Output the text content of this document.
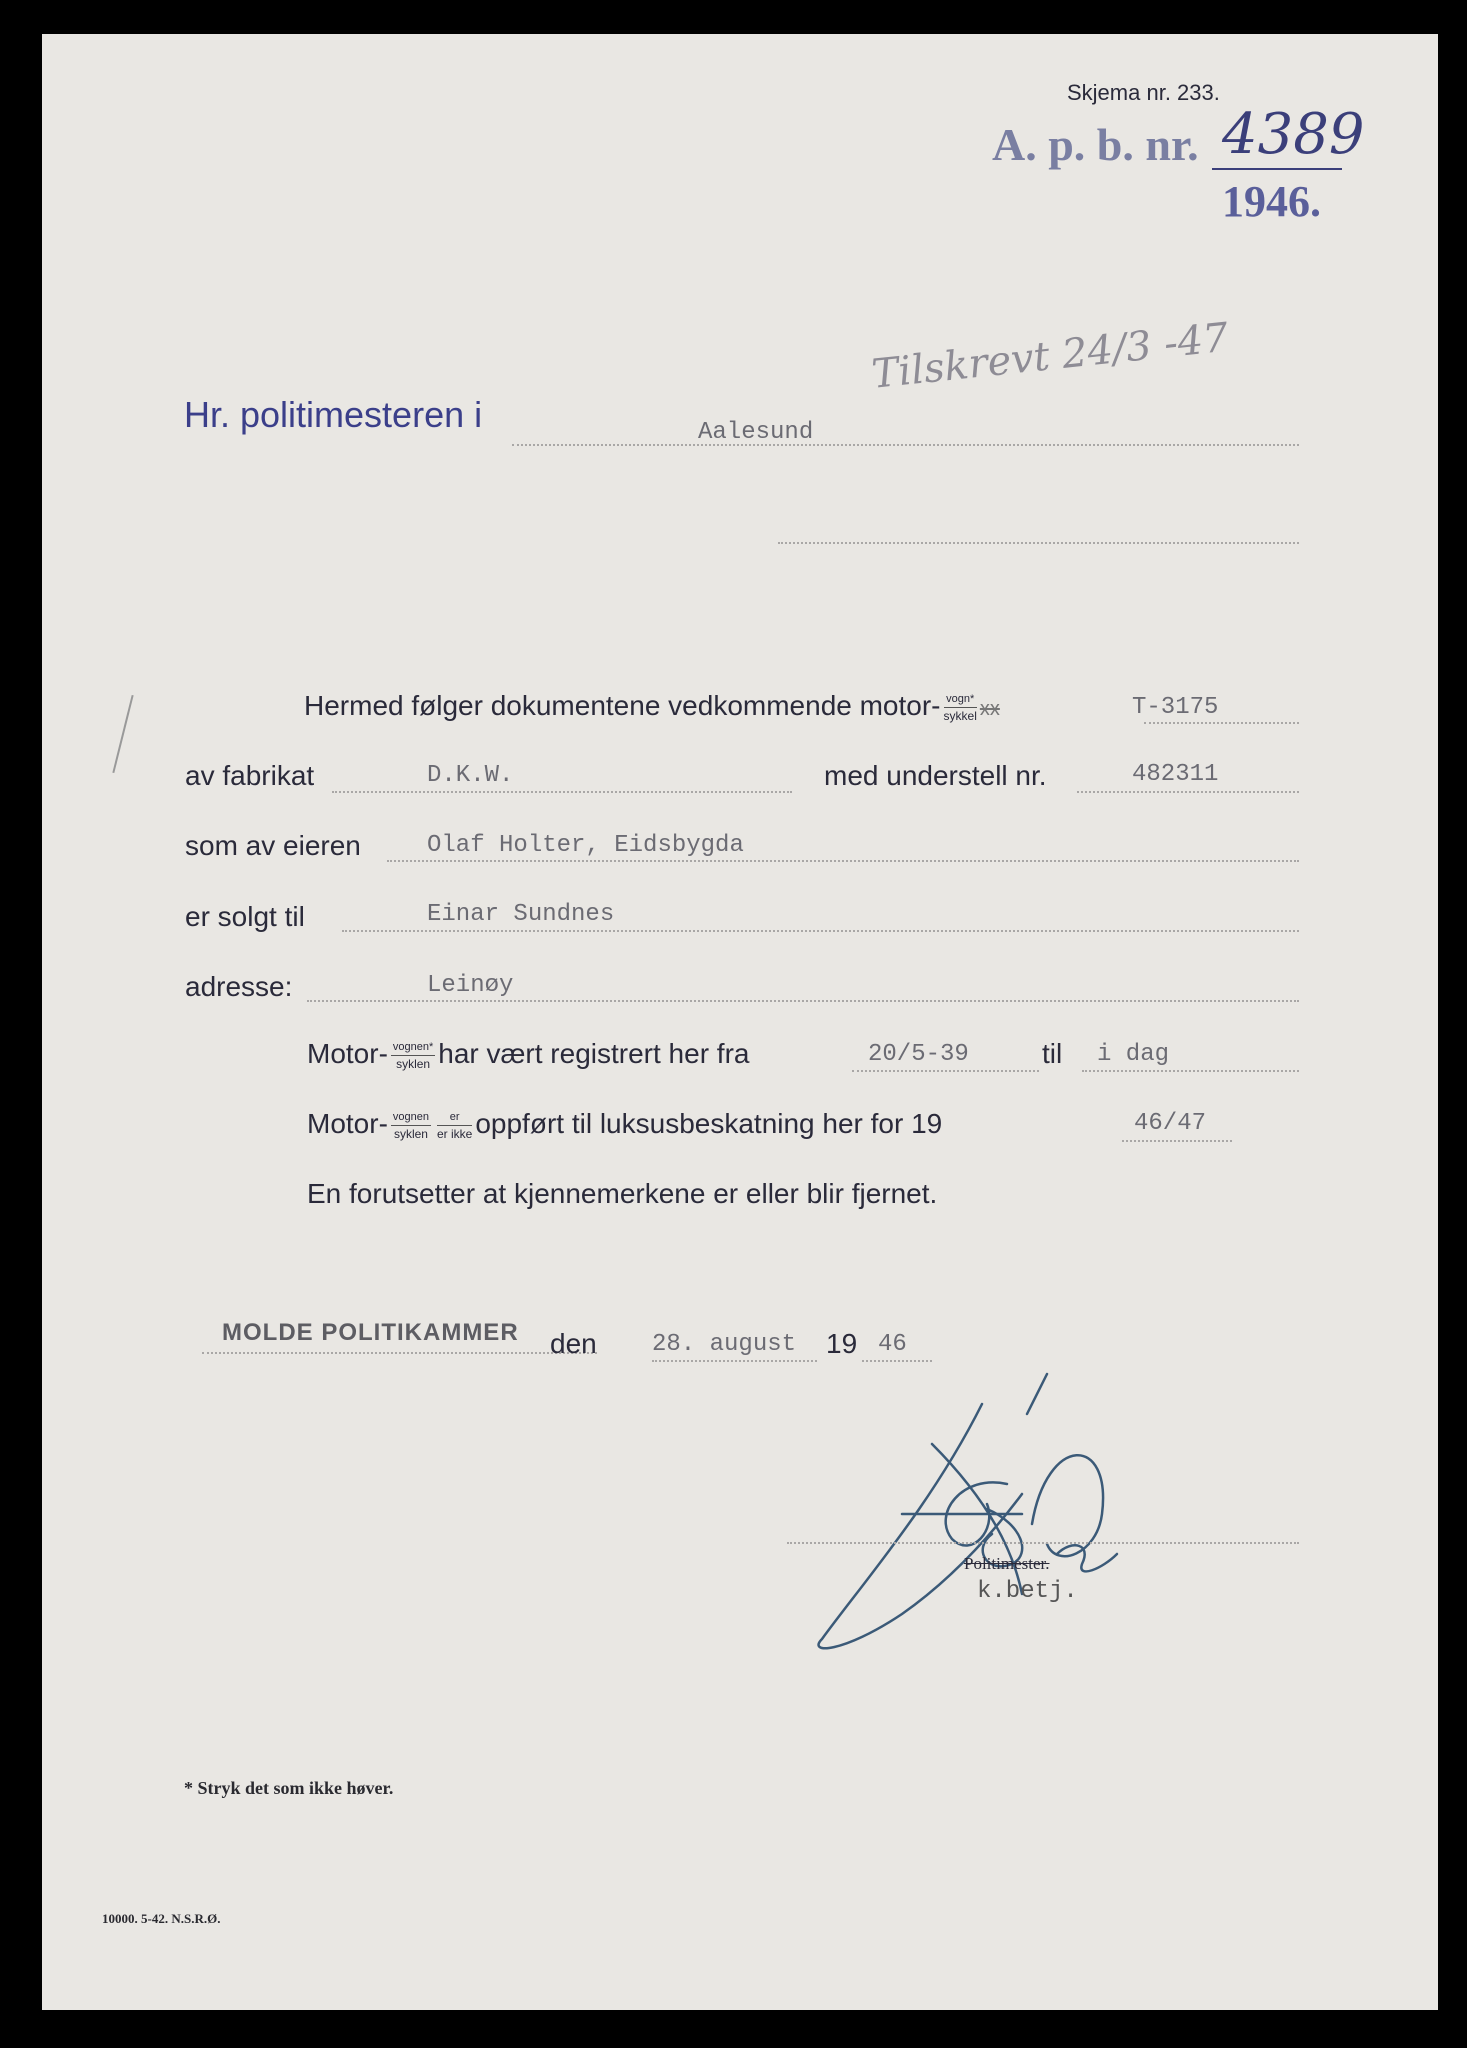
Skjema nr. 233.
A. p. b. nr. 4389
1946.
Tilskrevt 24/3 -47
Hr. politimesteren i	Aalesund
Hermed følger dokumentene vedkommende motor- $\frac{\text{vogn*}}{\text{sykkel}}$ xx	T-3175
av fabrikat	D.K.W.	med understell nr.	482311
som av eieren	Olaf Holter, Eidsbygda
er solgt til	Einar Sundnes
adresse:	Leinøy
Motor- $\frac{\text{vognen*}}{\text{syklen}}$ har vært registrert her fra	20/5-39	til i dag
Motor- $\frac{\text{vognen}}{\text{syklen}} \frac{er}{\text{er ikke}}$ oppført til luksusbeskatning her for 19	46/47
En forutsetter at kjennemerkene er eller blir fjernet.
MOLDE POLITIKAMMER den 28. august 19 46
Politimester.
k.betj.
* Stryk det som ikke høver.
10000. 5-42. N.S.R.Ø.
